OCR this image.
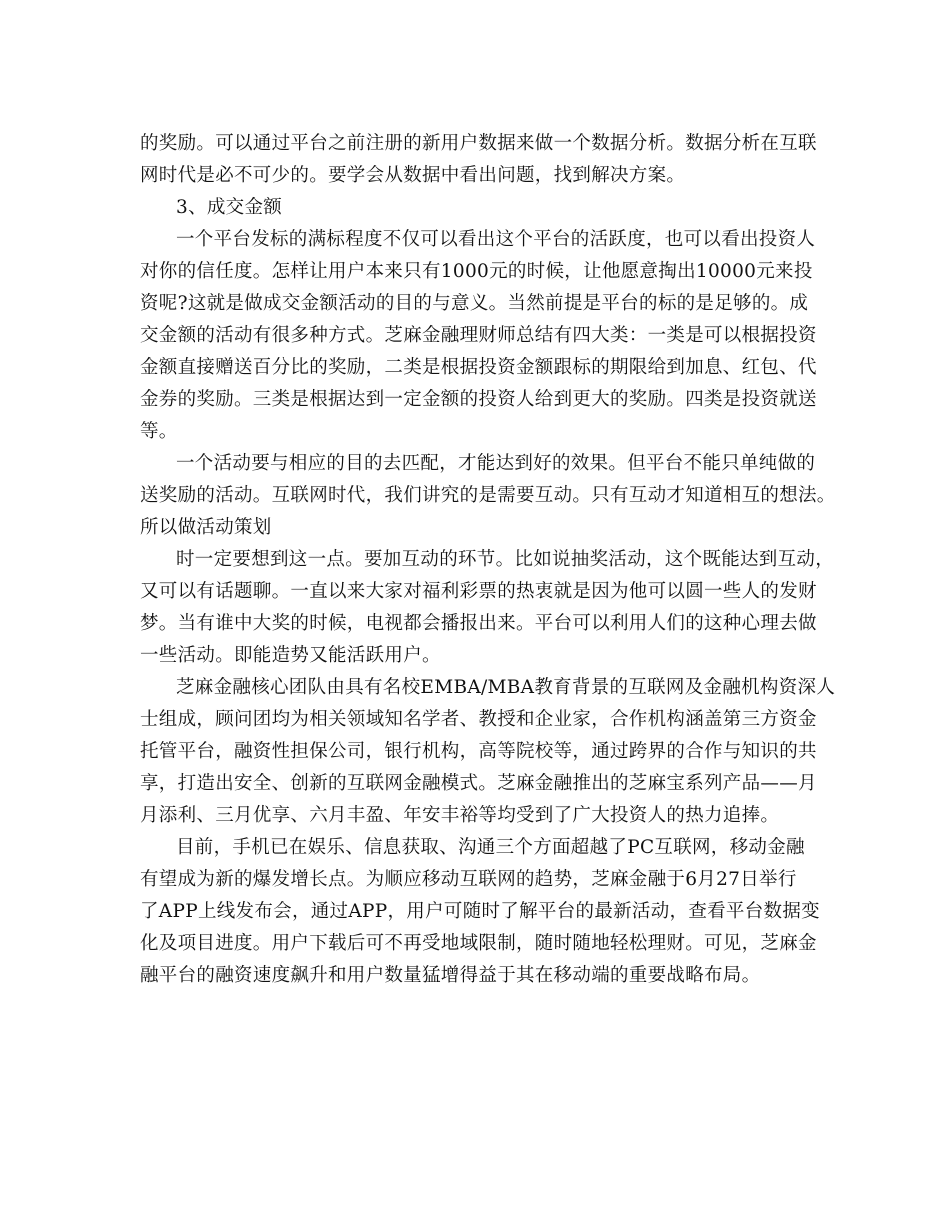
的奖励。可以通过平台之前注册的新用户数据来做一个数据分析。数据分析在互联
网时代是必不可少的。要学会从数据中看出问题，找到解决方案。
3、成交金额
一个平台发标的满标程度不仅可以看出这个平台的活跃度，也可以看出投资人
对你的信任度。怎样让用户本来只有1000元的时候，让他愿意掏出10000元来投
资呢?这就是做成交金额活动的目的与意义。当然前提是平台的标的是足够的。成
交金额的活动有很多种方式。芝麻金融理财师总结有四大类：一类是可以根据投资
金额直接赠送百分比的奖励，二类是根据投资金额跟标的期限给到加息、红包、代
金券的奖励。三类是根据达到一定金额的投资人给到更大的奖励。四类是投资就送
等。
一个活动要与相应的目的去匹配，才能达到好的效果。但平台不能只单纯做的
送奖励的活动。互联网时代，我们讲究的是需要互动。只有互动才知道相互的想法。
所以做活动策划
时一定要想到这一点。要加互动的环节。比如说抽奖活动，这个既能达到互动，
又可以有话题聊。一直以来大家对福利彩票的热衷就是因为他可以圆一些人的发财
梦。当有谁中大奖的时候，电视都会播报出来。平台可以利用人们的这种心理去做
一些活动。即能造势又能活跃用户。
芝麻金融核心团队由具有名校EMBA/MBA教育背景的互联网及金融机构资深人
士组成，顾问团均为相关领域知名学者、教授和企业家，合作机构涵盖第三方资金
托管平台，融资性担保公司，银行机构，高等院校等，通过跨界的合作与知识的共
享，打造出安全、创新的互联网金融模式。芝麻金融推出的芝麻宝系列产品——月
月添利、三月优享、六月丰盈、年安丰裕等均受到了广大投资人的热力追捧。
目前，手机已在娱乐、信息获取、沟通三个方面超越了PC互联网，移动金融
有望成为新的爆发增长点。为顺应移动互联网的趋势，芝麻金融于6月27日举行
了APP上线发布会，通过APP，用户可随时了解平台的最新活动，查看平台数据变
化及项目进度。用户下载后可不再受地域限制，随时随地轻松理财。可见，芝麻金
融平台的融资速度飙升和用户数量猛增得益于其在移动端的重要战略布局。
